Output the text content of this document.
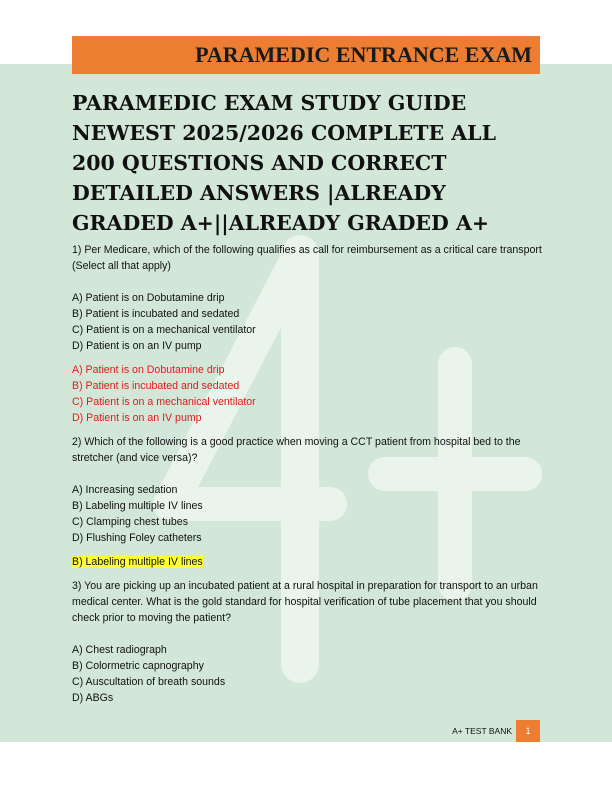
PARAMEDIC ENTRANCE EXAM
PARAMEDIC EXAM STUDY GUIDE NEWEST 2025/2026 COMPLETE ALL 200 QUESTIONS AND CORRECT DETAILED ANSWERS |ALREADY GRADED A+||ALREADY GRADED A+

1) Per Medicare, which of the following qualifies as call for reimbursement as a critical care transport (Select all that apply)

A) Patient is on Dobutamine drip

B) Patient is incubated and sedated

C) Patient is on a mechanical ventilator

D) Patient is on an IV pump

A) Patient is on Dobutamine drip

B) Patient is incubated and sedated

C) Patient is on a mechanical ventilator

D) Patient is on an IV pump

2) Which of the following is a good practice when moving a CCT patient from hospital bed to the stretcher (and vice versa)?

A) Increasing sedation

B) Labeling multiple IV lines

C) Clamping chest tubes

D) Flushing Foley catheters

B) Labeling multiple IV lines

3) You are picking up an incubated patient at a rural hospital in preparation for transport to an urban medical center. What is the gold standard for hospital verification of tube placement that you should check prior to moving the patient?

A) Chest radiograph

B) Colormetric capnography

C) Auscultation of breath sounds

D) ABGs

A+ TEST BANK	1
